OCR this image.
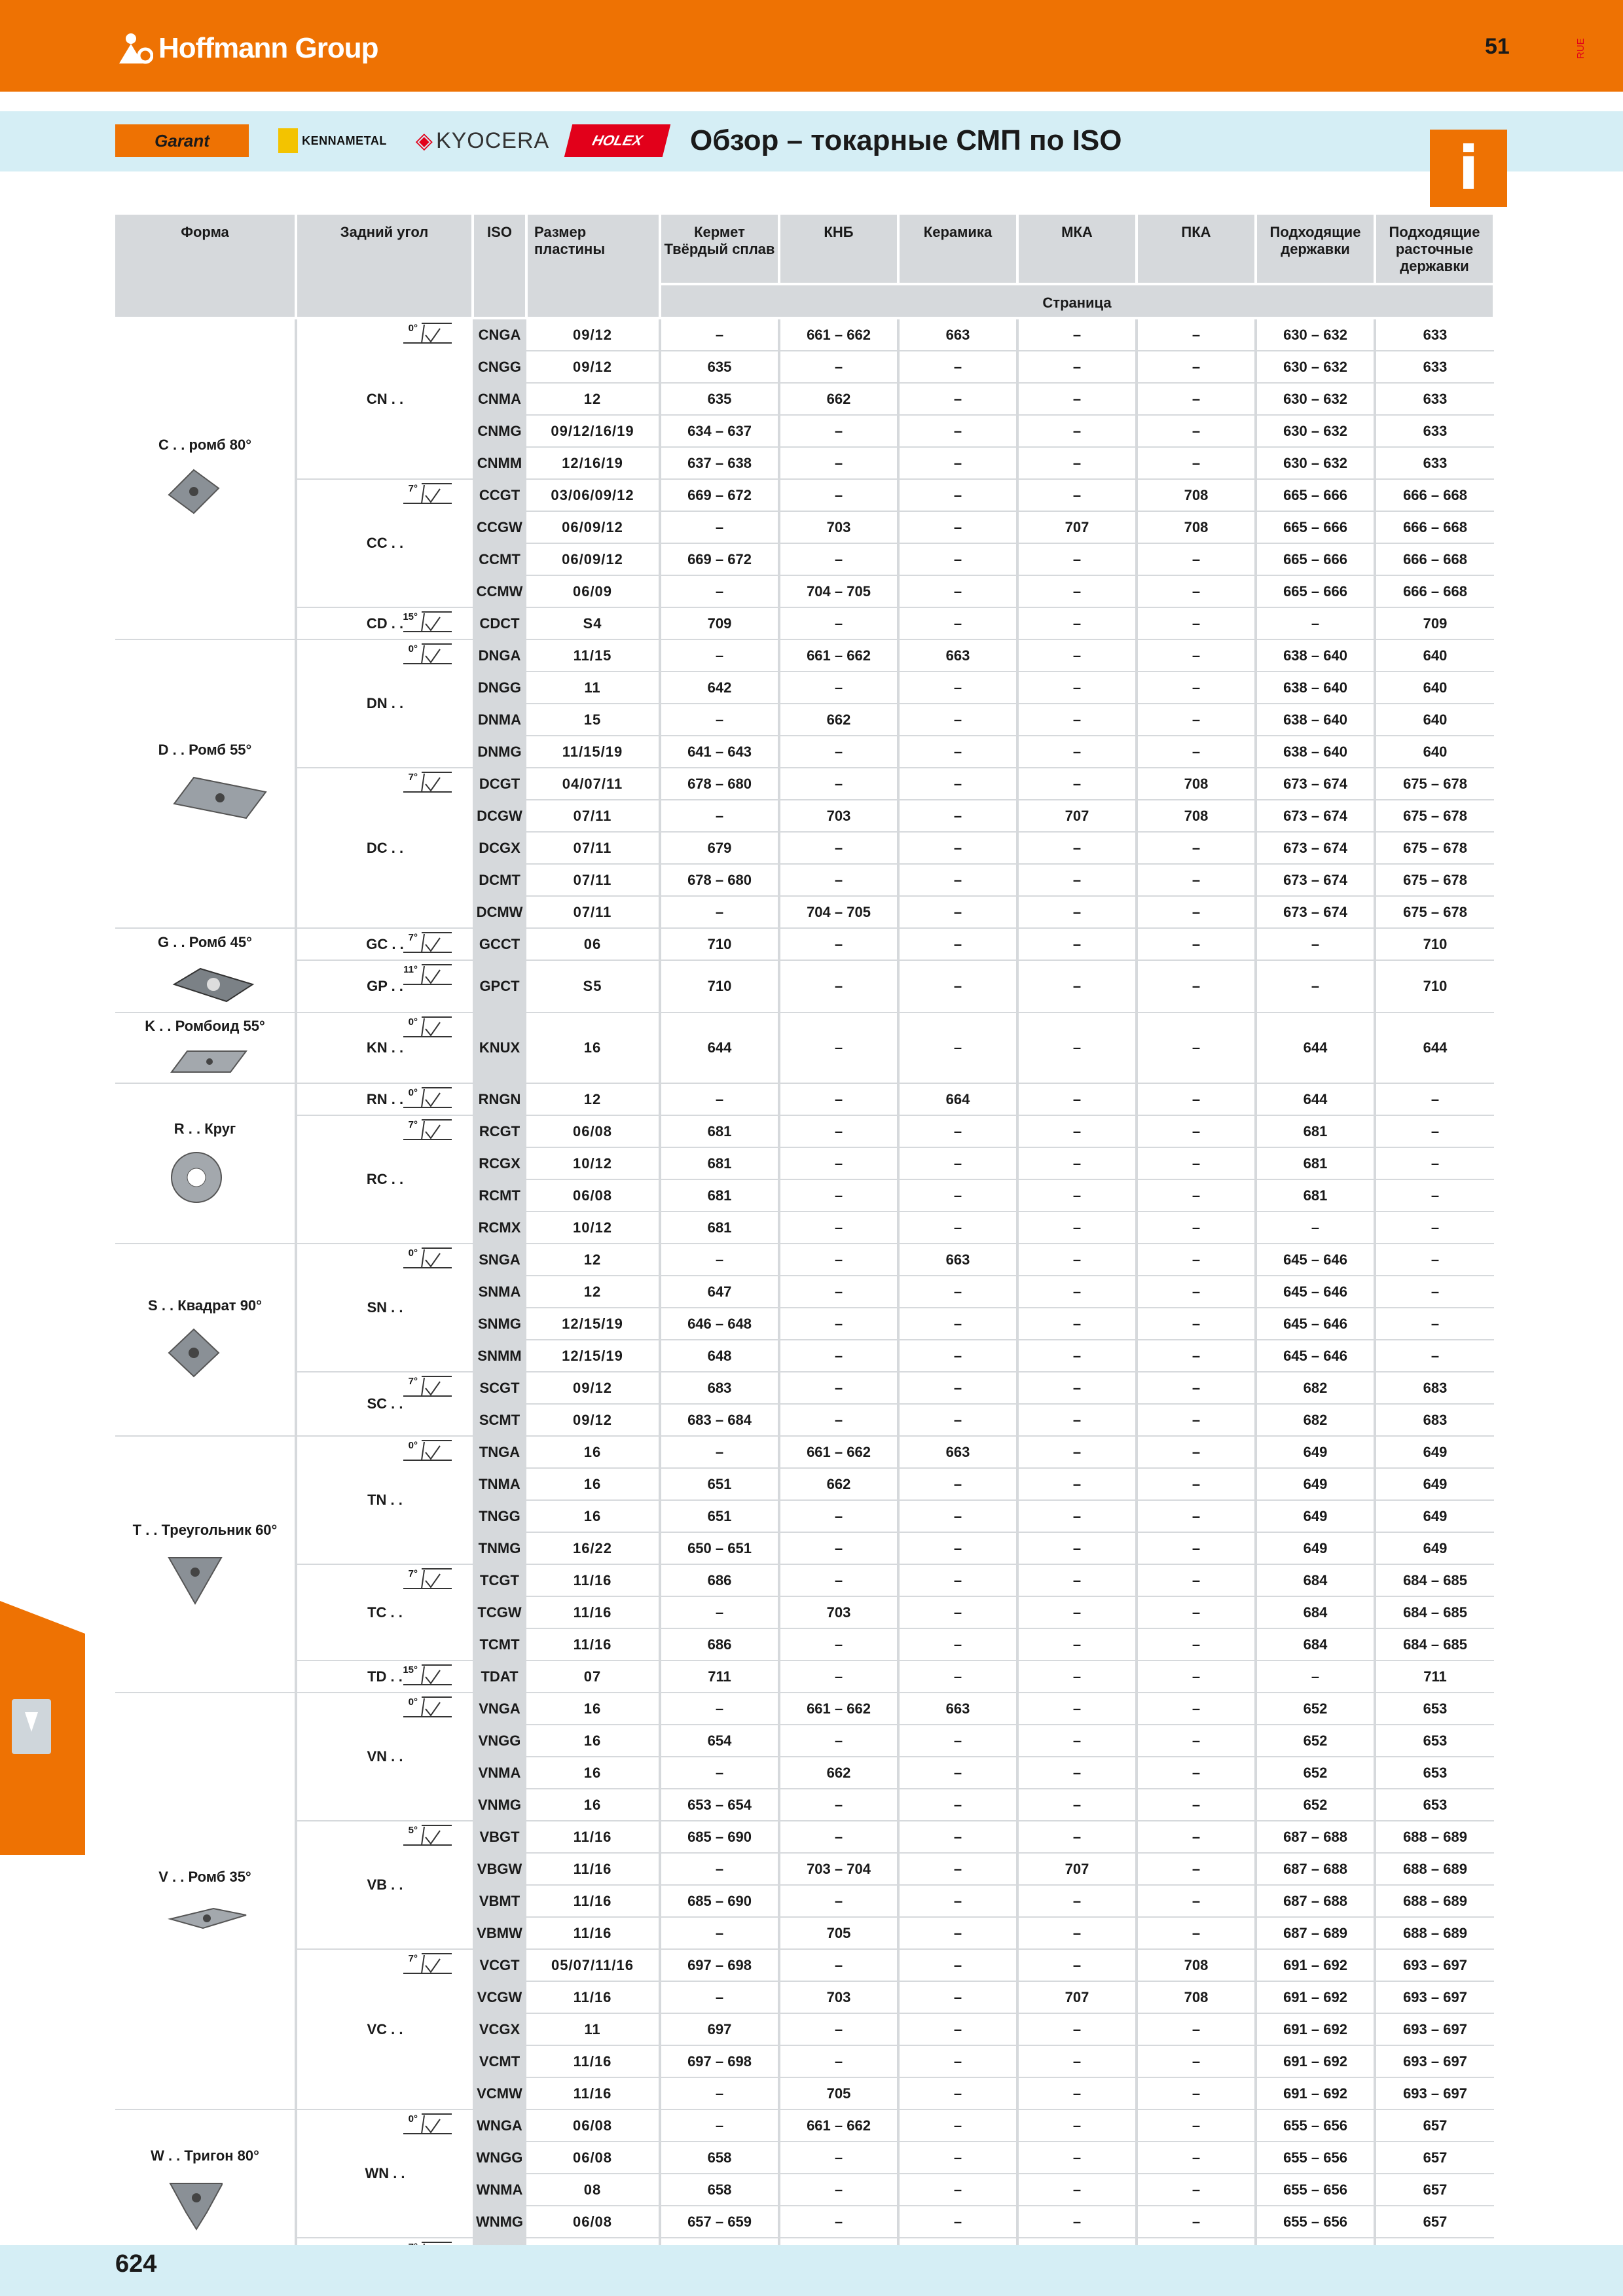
Hoffmann Group	51	RUE
Garant	KENNAMETAL ◈ KYOCERA	HOLEX Обзор – токарные СМП по ISO	i
Форма	Задний угол	ISO	Размер пластины	Кермет Твёрдый сплав	КНБ	Керамика	МКА	ПКА	Подходящие державки	Подходящие расточные державки
				Страница						

C . . ромб 80°	CN . .
0°	CNGA	09/12	–	661 – 662	663	–	–	630 – 632	633
		CNGG	09/12	635	–	–	–	–	630 – 632	633
		CNMA	12	635	662	–	–	–	630 – 632	633
		CNMG	09/12/16/19	634 – 637	–	–	–	–	630 – 632	633
		CNMM	12/16/19	637 – 638	–	–	–	–	630 – 632	633
	CC . .
7°	CCGT	03/06/09/12	669 – 672	–	–	–	708	665 – 666	666 – 668
		CCGW	06/09/12	–	703	–	707	708	665 – 666	666 – 668
		CCMT	06/09/12	669 – 672	–	–	–	–	665 – 666	666 – 668
		CCMW	06/09	–	704 – 705	–	–	–	665 – 666	666 – 668
	CD . . 15°	CDCT	S4	709	–	–	–	–	–	709

D . . Ромб 55°	DN . .
0°	DNGA	11/15	–	661 – 662	663	–	–	638 – 640	640
		DNGG	11	642	–	–	–	–	638 – 640	640
		DNMA	15	–	662	–	–	–	638 – 640	640
		DNMG	11/15/19	641 – 643	–	–	–	–	638 – 640	640
	DC . .
7°	DCGT	04/07/11	678 – 680	–	–	–	708	673 – 674	675 – 678
		DCGW	07/11	–	703	–	707	708	673 – 674	675 – 678
		DCGX	07/11	679	–	–	–	–	673 – 674	675 – 678
		DCMT	07/11	678 – 680	–	–	–	–	673 – 674	675 – 678
		DCMW	07/11	–	704 – 705	–	–	–	673 – 674	675 – 678

G . . Ромб 45°	GC . . 7°	GCCT	06	710	–	–	–	–	–	710
	GP . .
11°	GPCT	S5	710	–	–	–	–	–	710

K . . Ромбоид 55°	KN . .
0°	KNUX	16	644	–	–	–	–	644	644

R . . Круг	RN . . 0°	RNGN	12	–	–	664	–	–	644	–
	RC . .
7°	RCGT	06/08	681	–	–	–	–	681	–
		RCGX	10/12	681	–	–	–	–	681	–
		RCMT	06/08	681	–	–	–	–	681	–
		RCMX	10/12	681	–	–	–	–	–	–

S . . Квадрат 90°	SN . .
0°	SNGA	12	–	–	663	–	–	645 – 646	–
		SNMA	12	647	–	–	–	–	645 – 646	–
		SNMG	12/15/19	646 – 648	–	–	–	–	645 – 646	–
		SNMM	12/15/19	648	–	–	–	–	645 – 646	–
	SC . .
7°	SCGT	09/12	683	–	–	–	–	682	683
		SCMT	09/12	683 – 684	–	–	–	–	682	683

T . . Треугольник 60°	TN . .
0°	TNGA	16	–	661 – 662	663	–	–	649	649
		TNMA	16	651	662	–	–	–	649	649
		TNGG	16	651	–	–	–	–	649	649
		TNMG	16/22	650 – 651	–	–	–	–	649	649
	TC . .
7°	TCGT	11/16	686	–	–	–	–	684	684 – 685
		TCGW	11/16	–	703	–	–	–	684	684 – 685
		TCMT	11/16	686	–	–	–	–	684	684 – 685
	TD . . 15°	TDAT	07	711	–	–	–	–	–	711

V . . Ромб 35°	VN . .
0°	VNGA	16	–	661 – 662	663	–	–	652	653
		VNGG	16	654	–	–	–	–	652	653
		VNMA	16	–	662	–	–	–	652	653
		VNMG	16	653 – 654	–	–	–	–	652	653
	VB . .
5°	VBGT	11/16	685 – 690	–	–	–	–	687 – 688	688 – 689
		VBGW	11/16	–	703 – 704	–	707	–	687 – 688	688 – 689
		VBMT	11/16	685 – 690	–	–	–	–	687 – 688	688 – 689
		VBMW	11/16	–	705	–	–	–	687 – 689	688 – 689
	VC . .
7°	VCGT	05/07/11/16	697 – 698	–	–	–	708	691 – 692	693 – 697
		VCGW	11/16	–	703	–	707	708	691 – 692	693 – 697
		VCGX	11	697	–	–	–	–	691 – 692	693 – 697
		VCMT	11/16	697 – 698	–	–	–	–	691 – 692	693 – 697
		VCMW	11/16	–	705	–	–	–	691 – 692	693 – 697

W . . Тригон 80°	WN . .
0°	WNGA	06/08	–	661 – 662	–	–	–	655 – 656	657
		WNGG	06/08	658	–	–	–	–	655 – 656	657
		WNMA	08	658	–	–	–	–	655 – 656	657
		WNMG	06/08	657 – 659	–	–	–	–	655 – 656	657

624
